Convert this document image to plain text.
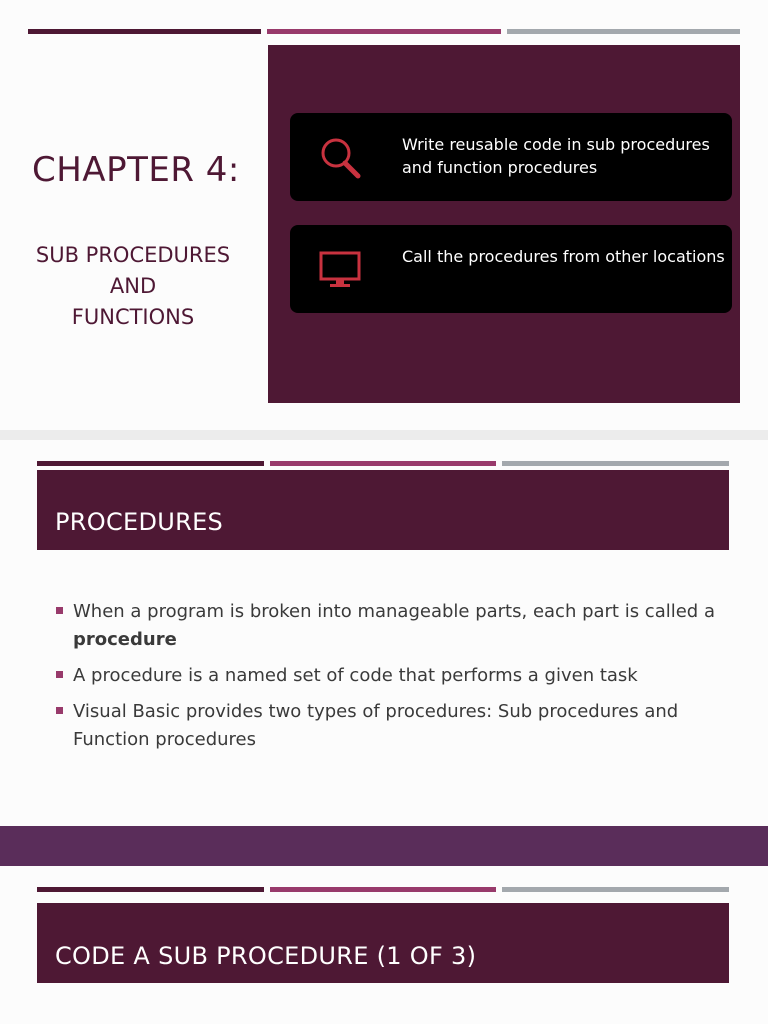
CHAPTER 4:
SUB PROCEDURES
AND
FUNCTIONS
Write reusable code in sub procedures and function procedures
Call the procedures from other locations
PROCEDURES
When a program is broken into manageable parts, each part is called a procedure
A procedure is a named set of code that performs a given task
Visual Basic provides two types of procedures: Sub procedures and Function procedures
CODE A SUB PROCEDURE (1 OF 3)
